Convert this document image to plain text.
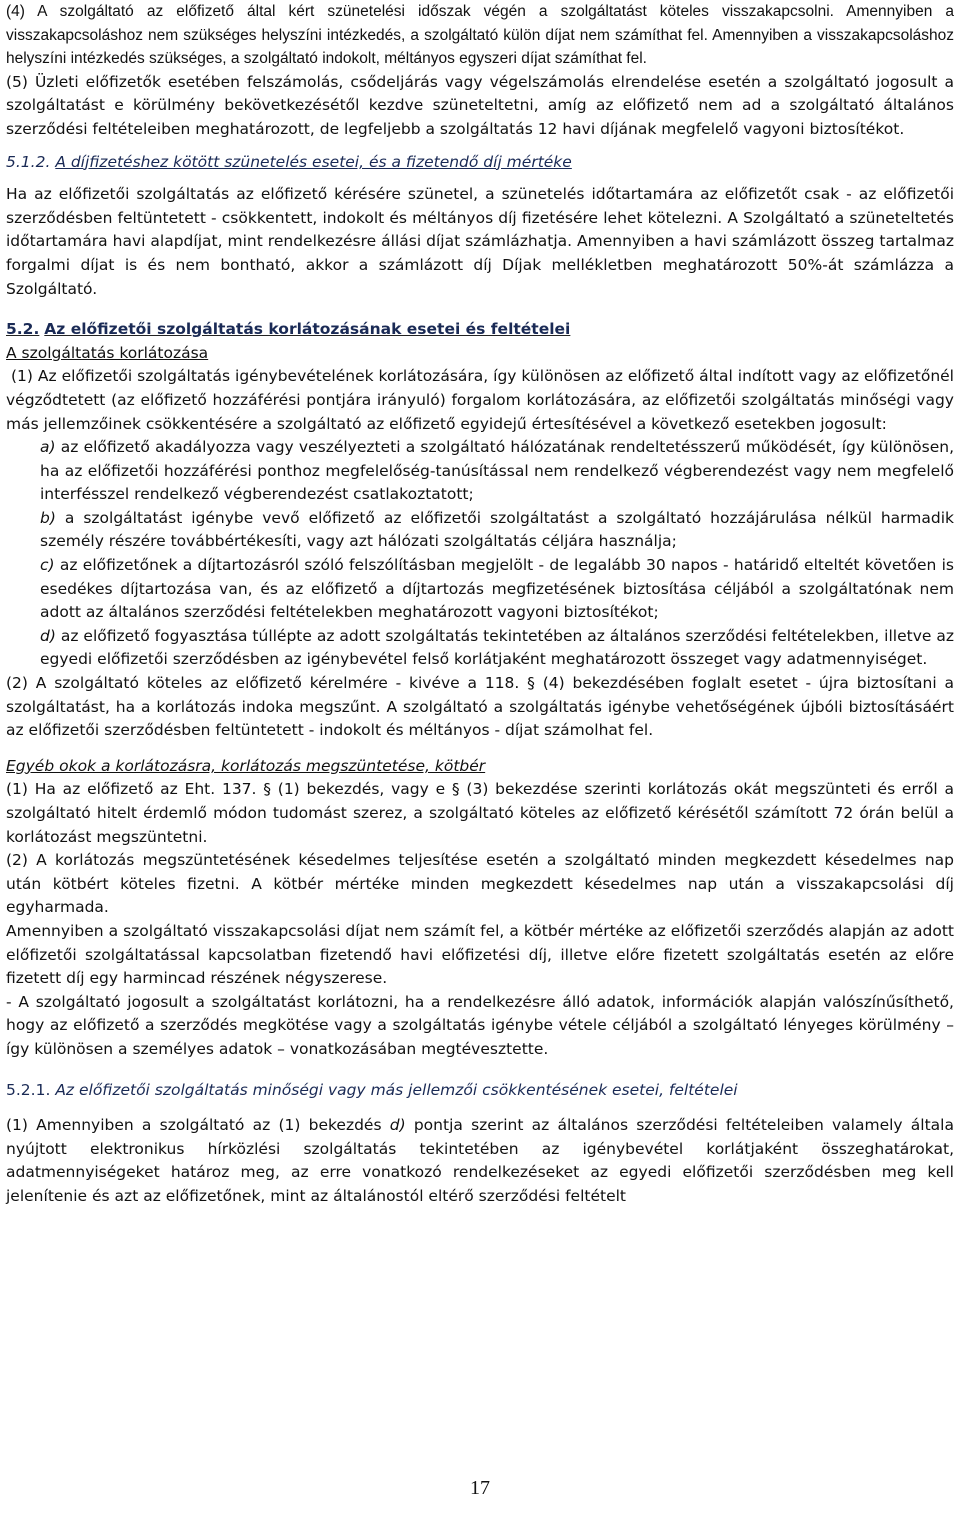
(4) A szolgáltató az előfizető által kért szünetelési időszak végén a szolgáltatást köteles visszakapcsolni. Amennyiben a visszakapcsoláshoz nem szükséges helyszíni intézkedés, a szolgáltató külön díjat nem számíthat fel. Amennyiben a visszakapcsoláshoz helyszíni intézkedés szükséges, a szolgáltató indokolt, méltányos egyszeri díjat számíthat fel.

(5) Üzleti előfizetők esetében felszámolás, csődeljárás vagy végelszámolás elrendelése esetén a szolgáltató jogosult a szolgáltatást e körülmény bekövetkezésétől kezdve szüneteltetni, amíg az előfizető nem ad a szolgáltató általános szerződési feltételeiben meghatározott, de legfeljebb a szolgáltatás 12 havi díjának megfelelő vagyoni biztosítékot.

5.1.2. A díjfizetéshez kötött szünetelés esetei, és a fizetendő díj mértéke

Ha az előfizetői szolgáltatás az előfizető kérésére szünetel, a szünetelés időtartamára az előfizetőt csak - az előfizetői szerződésben feltüntetett - csökkentett, indokolt és méltányos díj fizetésére lehet kötelezni. A Szolgáltató a szüneteltetés időtartamára havi alapdíjat, mint rendelkezésre állási díjat számlázhatja. Amennyiben a havi számlázott összeg tartalmaz forgalmi díjat is és nem bontható, akkor a számlázott díj Díjak mellékletben meghatározott 50%-át számlázza a Szolgáltató.

5.2. Az előfizetői szolgáltatás korlátozásának esetei és feltételei

A szolgáltatás korlátozása

(1) Az előfizetői szolgáltatás igénybevételének korlátozására, így különösen az előfizető által indított vagy az előfizetőnél végződtetett (az előfizető hozzáférési pontjára irányuló) forgalom korlátozására, az előfizetői szolgáltatás minőségi vagy más jellemzőinek csökkentésére a szolgáltató az előfizető egyidejű értesítésével a következő esetekben jogosult:

a) az előfizető akadályozza vagy veszélyezteti a szolgáltató hálózatának rendeltetésszerű működését, így különösen, ha az előfizetői hozzáférési ponthoz megfelelőség-tanúsítással nem rendelkező végberendezést vagy nem megfelelő interfésszel rendelkező végberendezést csatlakoztatott;

b) a szolgáltatást igénybe vevő előfizető az előfizetői szolgáltatást a szolgáltató hozzájárulása nélkül harmadik személy részére továbbértékesíti, vagy azt hálózati szolgáltatás céljára használja;

c) az előfizetőnek a díjtartozásról szóló felszólításban megjelölt - de legalább 30 napos - határidő elteltét követően is esedékes díjtartozása van, és az előfizető a díjtartozás megfizetésének biztosítása céljából a szolgáltatónak nem adott az általános szerződési feltételekben meghatározott vagyoni biztosítékot;

d) az előfizető fogyasztása túllépte az adott szolgáltatás tekintetében az általános szerződési feltételekben, illetve az egyedi előfizetői szerződésben az igénybevétel felső korlátjaként meghatározott összeget vagy adatmennyiséget.

(2) A szolgáltató köteles az előfizető kérelmére - kivéve a 118. § (4) bekezdésében foglalt esetet - újra biztosítani a szolgáltatást, ha a korlátozás indoka megszűnt. A szolgáltató a szolgáltatás igénybe vehetőségének újbóli biztosításáért az előfizetői szerződésben feltüntetett - indokolt és méltányos - díjat számolhat fel.

Egyéb okok a korlátozásra, korlátozás megszüntetése, kötbér

(1) Ha az előfizető az Eht. 137. § (1) bekezdés, vagy e § (3) bekezdése szerinti korlátozás okát megszünteti és erről a szolgáltató hitelt érdemlő módon tudomást szerez, a szolgáltató köteles az előfizető kérésétől számított 72 órán belül a korlátozást megszüntetni.

(2) A korlátozás megszüntetésének késedelmes teljesítése esetén a szolgáltató minden megkezdett késedelmes nap után kötbért köteles fizetni. A kötbér mértéke minden megkezdett késedelmes nap után a visszakapcsolási díj egyharmada.

Amennyiben a szolgáltató visszakapcsolási díjat nem számít fel, a kötbér mértéke az előfizetői szerződés alapján az adott előfizetői szolgáltatással kapcsolatban fizetendő havi előfizetési díj, illetve előre fizetett szolgáltatás esetén az előre fizetett díj egy harmincad részének négyszerese.

- A szolgáltató jogosult a szolgáltatást korlátozni, ha a rendelkezésre álló adatok, információk alapján valószínűsíthető, hogy az előfizető a szerződés megkötése vagy a szolgáltatás igénybe vétele céljából a szolgáltató lényeges körülmény – így különösen a személyes adatok – vonatkozásában megtévesztette.

5.2.1. Az előfizetői szolgáltatás minőségi vagy más jellemzői csökkentésének esetei, feltételei

(1) Amennyiben a szolgáltató az (1) bekezdés d) pontja szerint az általános szerződési feltételeiben valamely általa nyújtott elektronikus hírközlési szolgáltatás tekintetében az igénybevétel korlátjaként összeghatárokat, adatmennyiségeket határoz meg, az erre vonatkozó rendelkezéseket az egyedi előfizetői szerződésben meg kell jelenítenie és azt az előfizetőnek, mint az általánostól eltérő szerződési feltételt

17
